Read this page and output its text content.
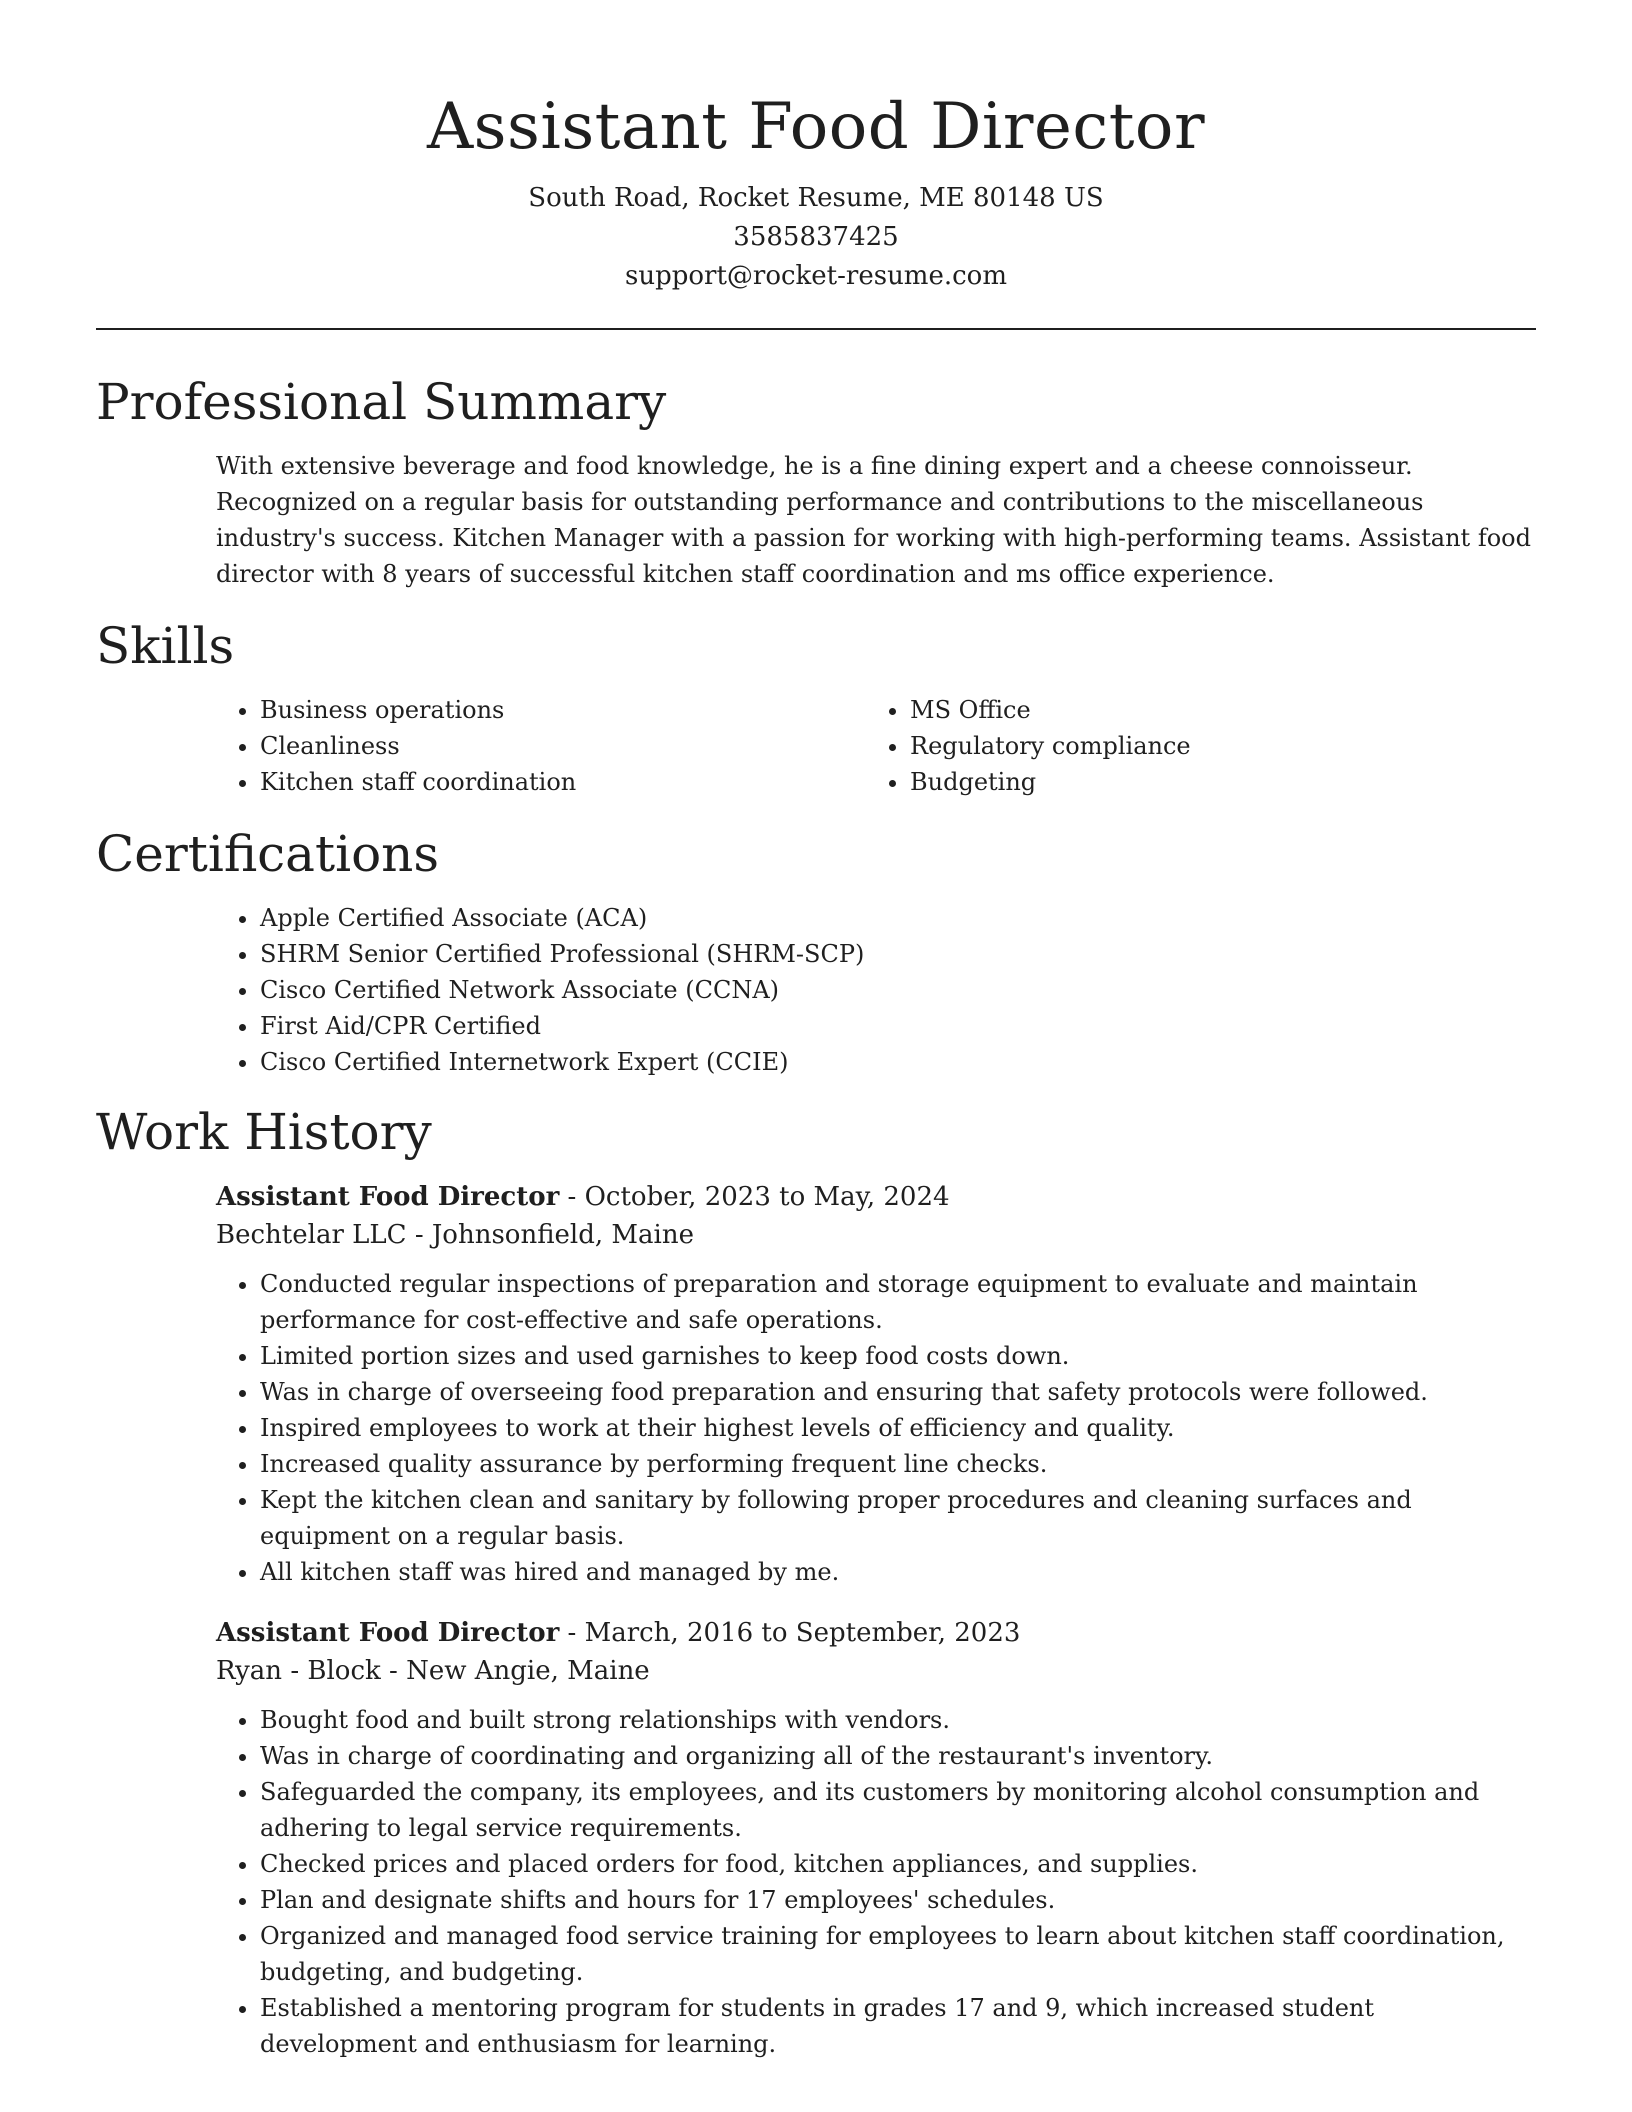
Assistant Food Director
South Road, Rocket Resume, ME 80148 US
3585837425
support@rocket-resume.com
Professional Summary

With extensive beverage and food knowledge, he is a fine dining expert and a cheese connoisseur. Recognized on a regular basis for outstanding performance and contributions to the miscellaneous industry's success. Kitchen Manager with a passion for working with high-performing teams. Assistant food director with 8 years of successful kitchen staff coordination and ms office experience.

Skills
• Business operations
• Cleanliness
• Kitchen staff coordination
• MS Office
• Regulatory compliance
• Budgeting
Certifications
• Apple Certified Associate (ACA)
• SHRM Senior Certified Professional (SHRM-SCP)
• Cisco Certified Network Associate (CCNA)
• First Aid/CPR Certified
• Cisco Certified Internetwork Expert (CCIE)
Work History
Assistant Food Director - October, 2023 to May, 2024
Bechtelar LLC - Johnsonfield, Maine
• Conducted regular inspections of preparation and storage equipment to evaluate and maintain performance for cost-effective and safe operations.
• Limited portion sizes and used garnishes to keep food costs down.
• Was in charge of overseeing food preparation and ensuring that safety protocols were followed.
• Inspired employees to work at their highest levels of efficiency and quality.
• Increased quality assurance by performing frequent line checks.
• Kept the kitchen clean and sanitary by following proper procedures and cleaning surfaces and equipment on a regular basis.
• All kitchen staff was hired and managed by me.
Assistant Food Director - March, 2016 to September, 2023
Ryan - Block - New Angie, Maine
• Bought food and built strong relationships with vendors.
• Was in charge of coordinating and organizing all of the restaurant's inventory.
• Safeguarded the company, its employees, and its customers by monitoring alcohol consumption and adhering to legal service requirements.
• Checked prices and placed orders for food, kitchen appliances, and supplies.
• Plan and designate shifts and hours for 17 employees' schedules.
• Organized and managed food service training for employees to learn about kitchen staff coordination, budgeting, and budgeting.
• Established a mentoring program for students in grades 17 and 9, which increased student development and enthusiasm for learning.
